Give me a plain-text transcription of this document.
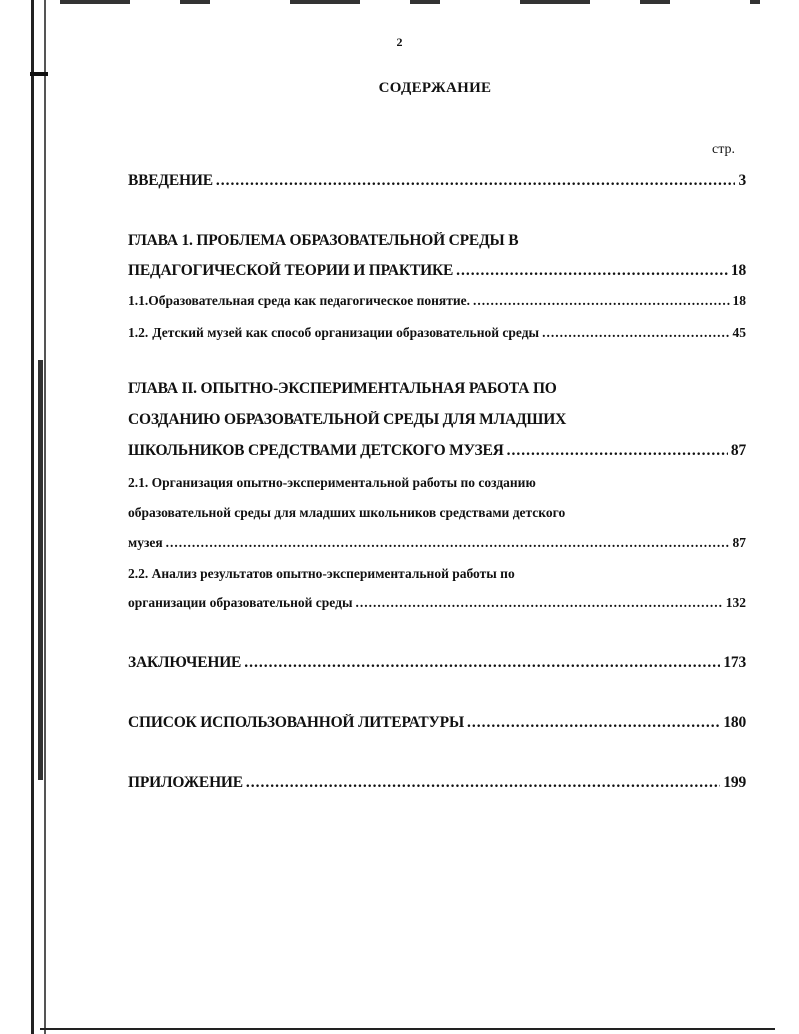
2
СОДЕРЖАНИЕ
стр.
ВВЕДЕНИЕ .....	3
ГЛАВА 1. ПРОБЛЕМА ОБРАЗОВАТЕЛЬНОЙ СРЕДЫ В
ПЕДАГОГИЧЕСКОЙ ТЕОРИИ И ПРАКТИКЕ .....	18
1.1. Образовательная среда как педагогическое понятие. .....	18
1.2. Детский музей как способ организации образовательной среды .....	45
ГЛАВА II. ОПЫТНО-ЭКСПЕРИМЕНТАЛЬНАЯ РАБОТА ПО
СОЗДАНИЮ ОБРАЗОВАТЕЛЬНОЙ СРЕДЫ ДЛЯ МЛАДШИХ
ШКОЛЬНИКОВ СРЕДСТВАМИ ДЕТСКОГО МУЗЕЯ .....	87
2.1. Организация опытно-экспериментальной работы по созданию
образовательной среды для младших школьников средствами детского
музея .....	87
2.2. Анализ результатов опытно-экспериментальной работы по
организации образовательной среды .....	132
ЗАКЛЮЧЕНИЕ .....	173
СПИСОК ИСПОЛЬЗОВАННОЙ ЛИТЕРАТУРЫ .....	180
ПРИЛОЖЕНИЕ .....	199
